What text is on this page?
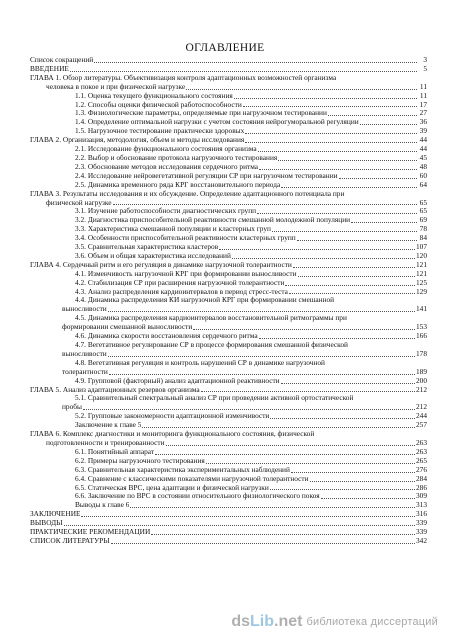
ОГЛАВЛЕНИЕ
Список сокращений	3
ВВЕДЕНИЕ	5
ГЛАВА 1. Обзор литературы. Объективизация контроля адаптационных возможностей организма
человека в покое и при физической нагрузке	11
1.1. Оценка текущего функционального состояния	11
1.2. Способы оценки физической работоспособности	17
1.3. Физиологические параметры, определяемые при нагрузочном тестировании	27
1.4. Определение оптимальной нагрузки с учетом состояния нейрогуморальной регуляции	36
1.5. Нагрузочное тестирование практически здоровых	39
ГЛАВА 2. Организация, методология, объем и методы исследования	44
2.1. Исследование функционального состояния организма	44
2.2. Выбор и обоснование протокола нагрузочного тестирования	45
2.3. Обоснование методов исследования сердечного ритма	48
2.4. Исследование нейровегетативной регуляции СР при нагрузочном тестировании	60
2.5. Динамика временного ряда КРГ восстановительного периода	64
ГЛАВА 3. Результаты исследования и их обсуждение. Определение адаптационного потенциала при
физической нагрузке	65
3.1. Изучение работоспособности диагностических групп	65
3.2. Диагностика приспособительной реактивности смешанной молодежной популяции	69
3.3. Характеристика смешанной популяции и кластерных груп	78
3.4. Особенности приспособительной реактивности кластерных групп	84
3.5. Сравнительная характеристика кластеров	107
3.6. Объем и общая характеристика исследований	120
ГЛАВА 4. Сердечный ритм и его регуляция в динамике нагрузочной толерантности	121
4.1. Изменчивость нагрузочной КРГ при формировании выносливости	121
4.2. Стабилизация СР при расширения нагрузочной толерантности	125
4.3. Анализ распределения кардиоинтервалов в период стресс-теста	129
4.4. Динамика распределения КИ нагрузочной КРГ при формировании смешанной
выносливости	141
4.5. Динамика распределения кардиоинтервалов восстановительной ритмограммы при
формировании смешанной выносливости	153
4.6. Динамика скорости восстановления сердечного ритма	166
4.7. Вегетативное регулирование СР в процессе формирования смешанной физической
выносливости	178
4.8. Вегетативная регуляция и контроль нарушений СР в динамике нагрузочной
толерантности	189
4.9. Групповой (факторный) анализ адаптационной реактивности	200
ГЛАВА 5. Анализ адаптационных резервов организма	212
5.1. Сравнительный спектральный анализ СР при проведении активной ортостатической
пробы	212
5.2. Групповые закономерности адаптационной изменчивости	244
Заключение к главе 5	257
ГЛАВА 6. Комплекс диагностики и мониторинга функционального состояния, физической
подготовленности и тренированности	263
6.1. Понятийный аппарат	263
6.2. Примеры нагрузочного тестирования	265
6.3. Сравнительная характеристика экспериментальных наблюдений	276
6.4. Сравнение с классическими показателями нагрузочной толерантности	284
6.5. Статическая ВРС, цена адаптации и физической нагрузки	286
6.6. Заключение по ВРС в состоянии относительного физиологического покоя	309
Выводы к главе 6	313
ЗАКЛЮЧЕНИЕ	316
ВЫВОДЫ	339
ПРАКТИЧЕСКИЕ РЕКОМЕНДАЦИИ	339
СПИСОК ЛИТЕРАТУРЫ	342
dsLib.net библиотека диссертаций
